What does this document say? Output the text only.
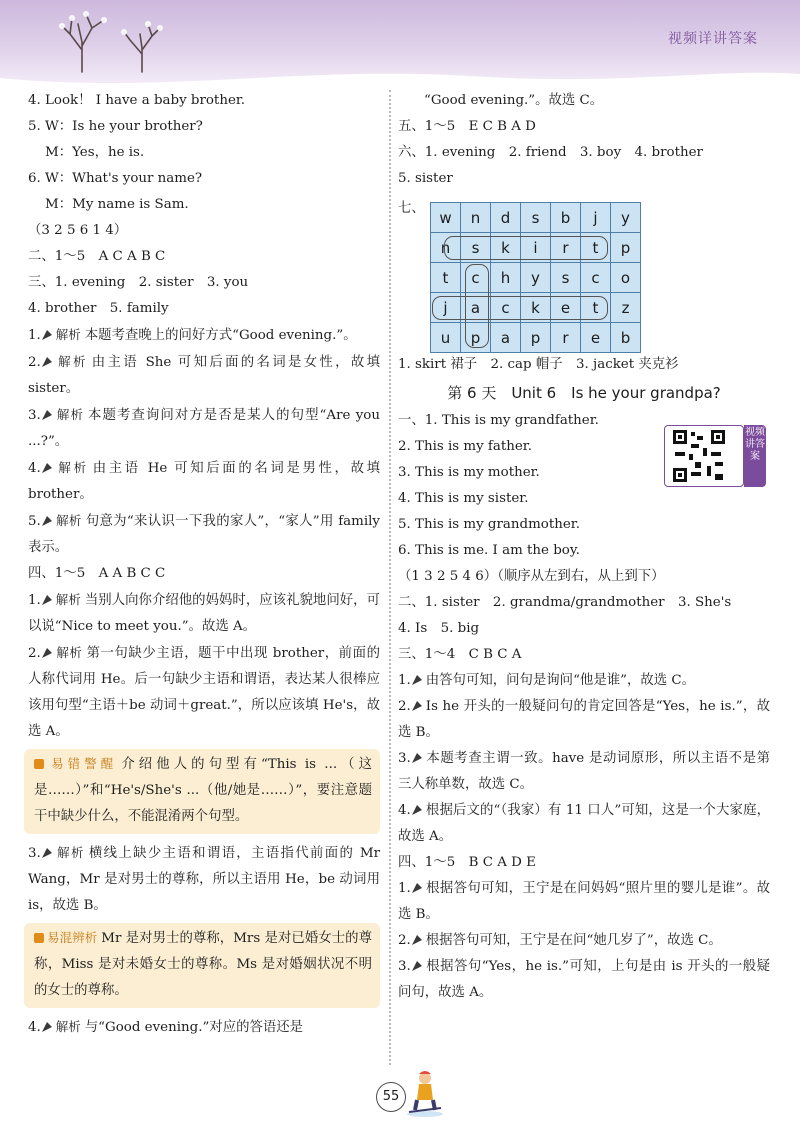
视频详讲答案
4. Look！ I have a baby brother.
5. W：Is he your brother?
M：Yes，he is.
6. W：What's your name?
M：My name is Sam.
（3 2 5 6 1 4）
二、1～5　A C A B C
三、1. evening　2. sister　3. you
4. brother　5. family
1. 解析 本题考查晚上的问好方式“Good evening.”。
2. 解析 由主语 She 可知后面的名词是女性，故填 sister。
3. 解析 本题考查询问对方是否是某人的句型“Are you ...?”。
4. 解析 由主语 He 可知后面的名词是男性，故填 brother。
5. 解析 句意为“来认识一下我的家人”，“家人”用 family 表示。
四、1～5　A A B C C
1. 解析 当别人向你介绍他的妈妈时，应该礼貌地问好，可以说“Nice to meet you.”。故选 A。
2. 解析 第一句缺少主语，题干中出现 brother，前面的人称代词用 He。后一句缺少主语和谓语，表达某人很棒应该用句型“主语＋be 动词＋great.”，所以应该填 He's，故选 A。
易错警醒 介绍他人的句型有“This is ...（这是……）”和“He's/She's ...（他/她是……）”，要注意题干中缺少什么，不能混淆两个句型。
3. 解析 横线上缺少主语和谓语，主语指代前面的 Mr Wang，Mr 是对男士的尊称，所以主语用 He，be 动词用 is，故选 B。
易混辨析 Mr 是对男士的尊称，Mrs 是对已婚女士的尊称，Miss 是对未婚女士的尊称。Ms 是对婚姻状况不明的女士的尊称。
4. 解析 与“Good evening.”对应的答语还是
“Good evening.”。故选 C。
五、1～5　E C B A D
六、1. evening　2. friend　3. boy　4. brother
5. sister
七、 w	n	d	s	b	j	y
n	s	k	i	r	t	p
t	c	h	y	s	c	o
j	a	c	k	e	t	z
u	p	a	p	r	e	b
1. skirt 裙子　2. cap 帽子　3. jacket 夹克衫
第 6 天　Unit 6　Is he your grandpa?
一、1. This is my grandfather.
2. This is my father.
3. This is my mother.
4. This is my sister.
5. This is my grandmother.
6. This is me. I am the boy.
（1 3 2 5 4 6）（顺序从左到右，从上到下）
二、1. sister　2. grandma/grandmother　3. She's
4. Is　5. big
三、1～4　C B C A
1. 由答句可知，问句是询问“他是谁”，故选 C。
2. Is he 开头的一般疑问句的肯定回答是“Yes，he is.”，故选 B。
3. 本题考查主谓一致。have 是动词原形，所以主语不是第三人称单数，故选 C。
4. 根据后文的“（我家）有 11 口人”可知，这是一个大家庭，故选 A。
四、1～5　B C A D E
1. 根据答句可知，王宁是在问妈妈“照片里的婴儿是谁”。故选 B。
2. 根据答句可知，王宁是在问“她几岁了”，故选 C。
3. 根据答句“Yes，he is.”可知，上句是由 is 开头的一般疑问句，故选 A。
视频讲答案
55
